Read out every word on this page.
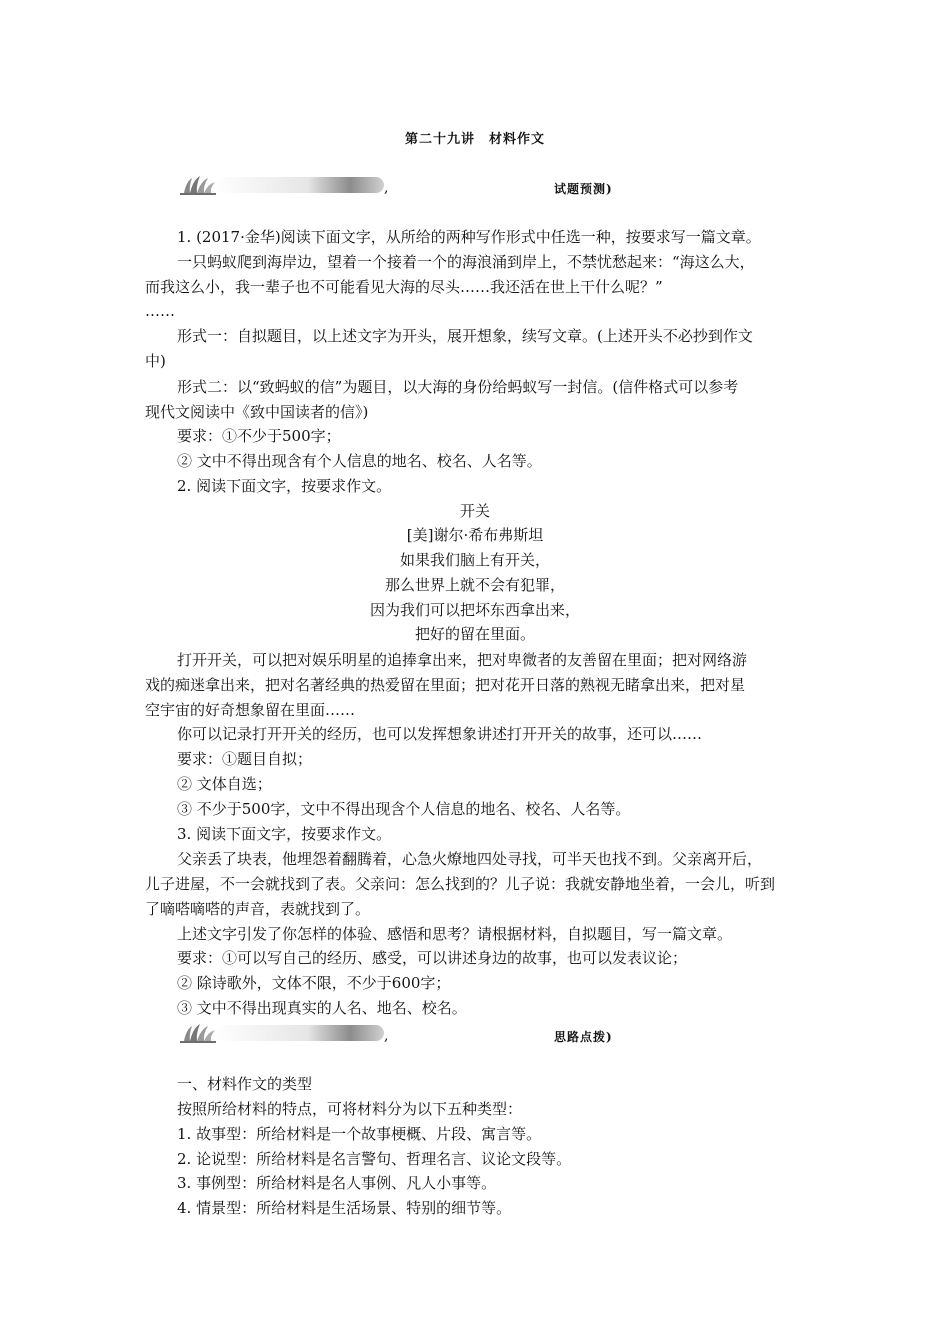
第二十九讲　材料作文
,	试题预测)
1. (2017·金华)阅读下面文字，从所给的两种写作形式中任选一种，按要求写一篇文章。
一只蚂蚁爬到海岸边，望着一个接着一个的海浪涌到岸上，不禁忧愁起来：“海这么大，
而我这么小，我一辈子也不可能看见大海的尽头……我还活在世上干什么呢？”
……
形式一：自拟题目，以上述文字为开头，展开想象，续写文章。(上述开头不必抄到作文
中)
形式二：以“致蚂蚁的信”为题目，以大海的身份给蚂蚁写一封信。(信件格式可以参考
现代文阅读中《致中国读者的信》)
要求：①不少于500字；
② 文中不得出现含有个人信息的地名、校名、人名等。
2. 阅读下面文字，按要求作文。
开关
[美]谢尔·希布弗斯坦
如果我们脑上有开关，
那么世界上就不会有犯罪，
因为我们可以把坏东西拿出来，
把好的留在里面。
打开开关，可以把对娱乐明星的追捧拿出来，把对卑微者的友善留在里面；把对网络游
戏的痴迷拿出来，把对名著经典的热爱留在里面；把对花开日落的熟视无睹拿出来，把对星
空宇宙的好奇想象留在里面……
你可以记录打开开关的经历，也可以发挥想象讲述打开开关的故事，还可以……
要求：①题目自拟；
② 文体自选；
③ 不少于500字，文中不得出现含个人信息的地名、校名、人名等。
3. 阅读下面文字，按要求作文。
父亲丢了块表，他埋怨着翻腾着，心急火燎地四处寻找，可半天也找不到。父亲离开后，
儿子进屋，不一会就找到了表。父亲问：怎么找到的？儿子说：我就安静地坐着，一会儿，听到
了嘀嗒嘀嗒的声音，表就找到了。
上述文字引发了你怎样的体验、感悟和思考？请根据材料，自拟题目，写一篇文章。
要求：①可以写自己的经历、感受，可以讲述身边的故事，也可以发表议论；
② 除诗歌外，文体不限，不少于600字；
③ 文中不得出现真实的人名、地名、校名。
,	思路点拨)
一、材料作文的类型
按照所给材料的特点，可将材料分为以下五种类型：
1. 故事型：所给材料是一个故事梗概、片段、寓言等。
2. 论说型：所给材料是名言警句、哲理名言、议论文段等。
3. 事例型：所给材料是名人事例、凡人小事等。
4. 情景型：所给材料是生活场景、特别的细节等。
